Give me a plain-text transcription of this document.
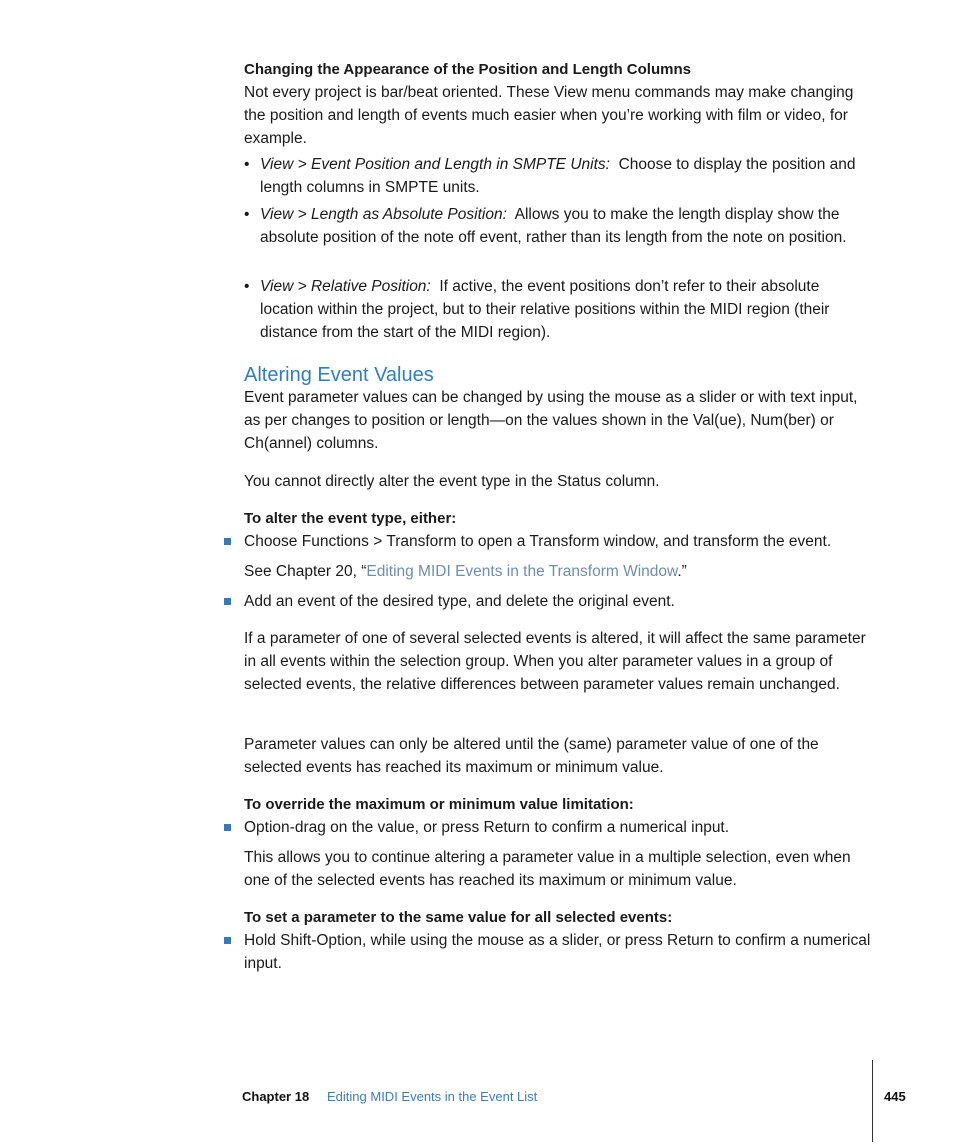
Changing the Appearance of the Position and Length Columns

Not every project is bar/beat oriented. These View menu commands may make changing the position and length of events much easier when you’re working with film or video, for example.

• View > Event Position and Length in SMPTE Units: Choose to display the position and length columns in SMPTE units.
• View > Length as Absolute Position: Allows you to make the length display show the absolute position of the note off event, rather than its length from the note on position.
• View > Relative Position: If active, the event positions don’t refer to their absolute location within the project, but to their relative positions within the MIDI region (their distance from the start of the MIDI region).
Altering Event Values

Event parameter values can be changed by using the mouse as a slider or with text input, as per changes to position or length—on the values shown in the Val(ue), Num(ber) or Ch(annel) columns.

You cannot directly alter the event type in the Status column.

To alter the event type, either:
Choose Functions > Transform to open a Transform window, and transform the event.

See Chapter 20, “Editing MIDI Events in the Transform Window.”

Add an event of the desired type, and delete the original event.

If a parameter of one of several selected events is altered, it will affect the same parameter in all events within the selection group. When you alter parameter values in a group of selected events, the relative differences between parameter values remain unchanged.

Parameter values can only be altered until the (same) parameter value of one of the selected events has reached its maximum or minimum value.

To override the maximum or minimum value limitation:
Option-drag on the value, or press Return to confirm a numerical input.

This allows you to continue altering a parameter value in a multiple selection, even when one of the selected events has reached its maximum or minimum value.

To set a parameter to the same value for all selected events:
Hold Shift-Option, while using the mouse as a slider, or press Return to confirm a numerical input.
Chapter 18 Editing MIDI Events in the Event List	445
